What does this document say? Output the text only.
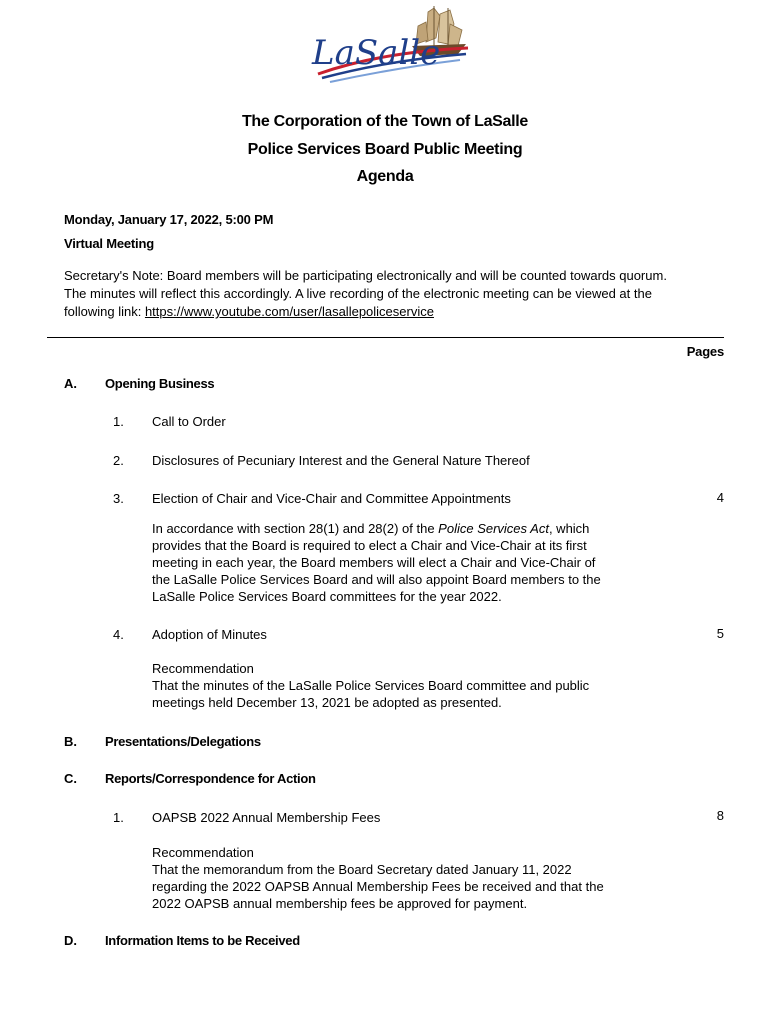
LaSalle
The Corporation of the Town of LaSalle
Police Services Board Public Meeting
Agenda
Monday, January 17, 2022, 5:00 PM
Virtual Meeting
Secretary's Note: Board members will be participating electronically and will be counted towards quorum.
The minutes will reflect this accordingly. A live recording of the electronic meeting can be viewed at the
following link: https://www.youtube.com/user/lasallepoliceservice
Pages
A. Opening Business
1. Call to Order
2. Disclosures of Pecuniary Interest and the General Nature Thereof
3. Election of Chair and Vice-Chair and Committee Appointments	4
In accordance with section 28(1) and 28(2) of the Police Services Act, which
provides that the Board is required to elect a Chair and Vice-Chair at its first
meeting in each year, the Board members will elect a Chair and Vice-Chair of
the LaSalle Police Services Board and will also appoint Board members to the
LaSalle Police Services Board committees for the year 2022.
4. Adoption of Minutes	5
Recommendation
That the minutes of the LaSalle Police Services Board committee and public
meetings held December 13, 2021 be adopted as presented.
B. Presentations/Delegations
C. Reports/Correspondence for Action
1. OAPSB 2022 Annual Membership Fees	8
Recommendation
That the memorandum from the Board Secretary dated January 11, 2022
regarding the 2022 OAPSB Annual Membership Fees be received and that the
2022 OAPSB annual membership fees be approved for payment.
D. Information Items to be Received
